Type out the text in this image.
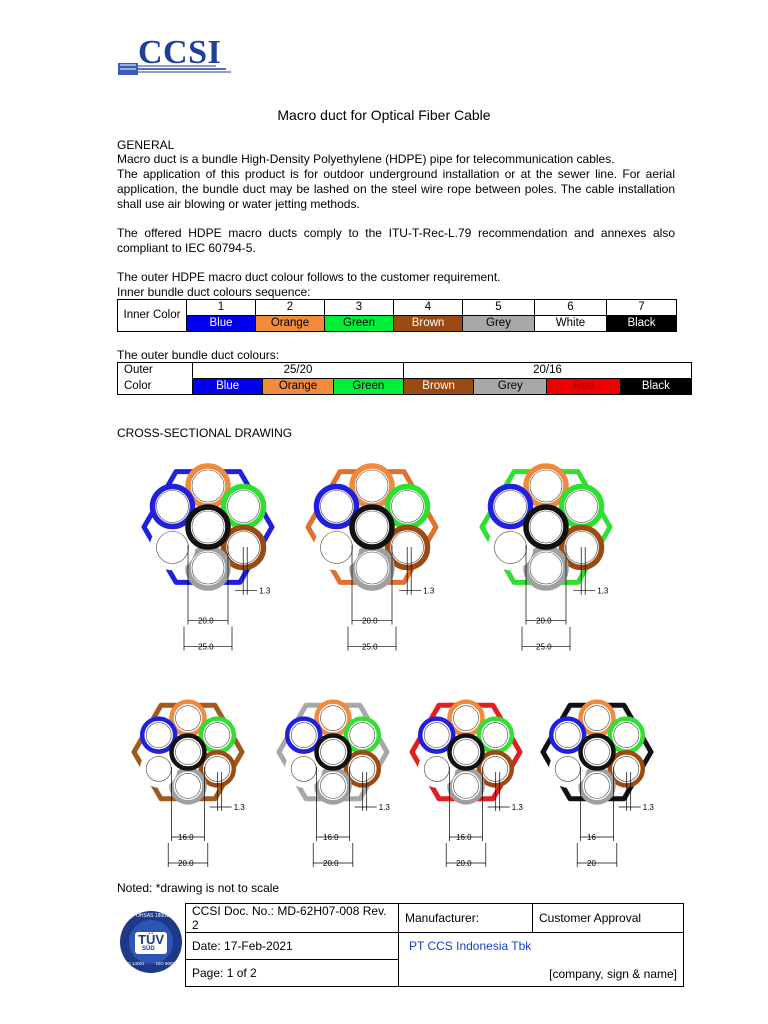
CCSI
Macro duct for Optical Fiber Cable
GENERAL
Macro duct is a bundle High-Density Polyethylene (HDPE) pipe for telecommunication cables.
The application of this product is for outdoor underground installation or at the sewer line. For aerial application, the bundle duct may be lashed on the steel wire rope between poles. The cable installation shall use air blowing or water jetting methods.
The offered HDPE macro ducts comply to the ITU-T-Rec-L.79 recommendation and annexes also compliant to IEC 60794-5.
The outer HDPE macro duct colour follows to the customer requirement.
Inner bundle duct colours sequence:
Inner Color	1	2	3	4	5	6	7
	Blue	Orange	Green	Brown	Grey	White	Black
The outer bundle duct colours:
Outer	25/20			20/16			
Color	Blue	Orange	Green	Brown	Grey	Red	Black
CROSS-SECTIONAL DRAWING
1.3
20.0
25.0
1.3
20.0
25.0
1.3
20.0
25.0
1.3
16.0
20.0
1.3
16.0
20.0
1.3
16.0
20.0
1.3
16
20
Noted: *drawing is not to scale
TÜV
SÜD
OHSAS 18001
ISO 14001	ISO 9001
CCSI Doc. No.: MD-62H07-008 Rev. 2	Manufacturer:	Customer Approval
Date: 17-Feb-2021	PT CCS Indonesia Tbk
[company, sign & name]	

Page: 1 of 2		
